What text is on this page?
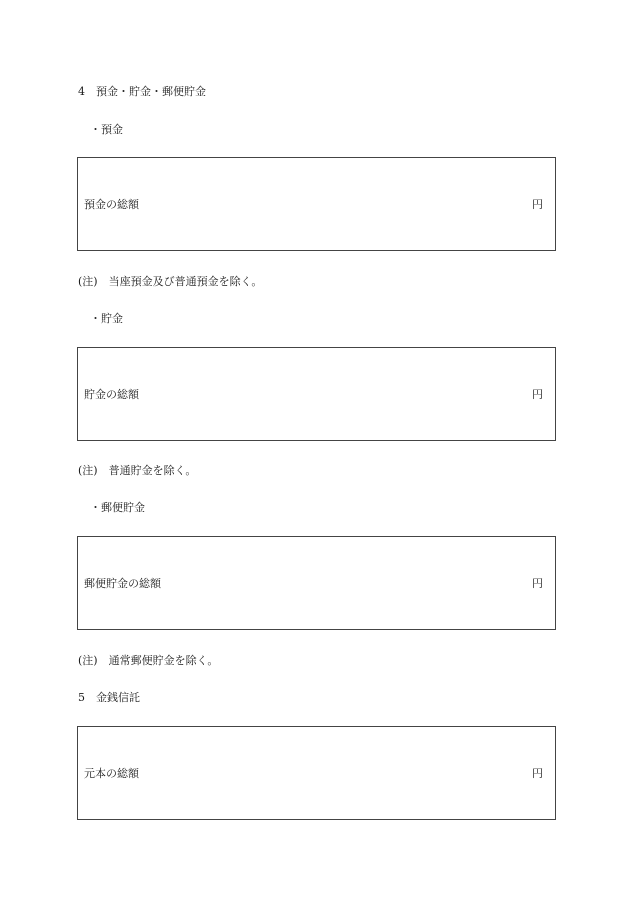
4　預金・貯金・郵便貯金
・預金
預金の総額	円
(注)　当座預金及び普通預金を除く。
・貯金
貯金の総額	円
(注)　普通貯金を除く。
・郵便貯金
郵便貯金の総額	円
(注)　通常郵便貯金を除く。
5　金銭信託
元本の総額	円
